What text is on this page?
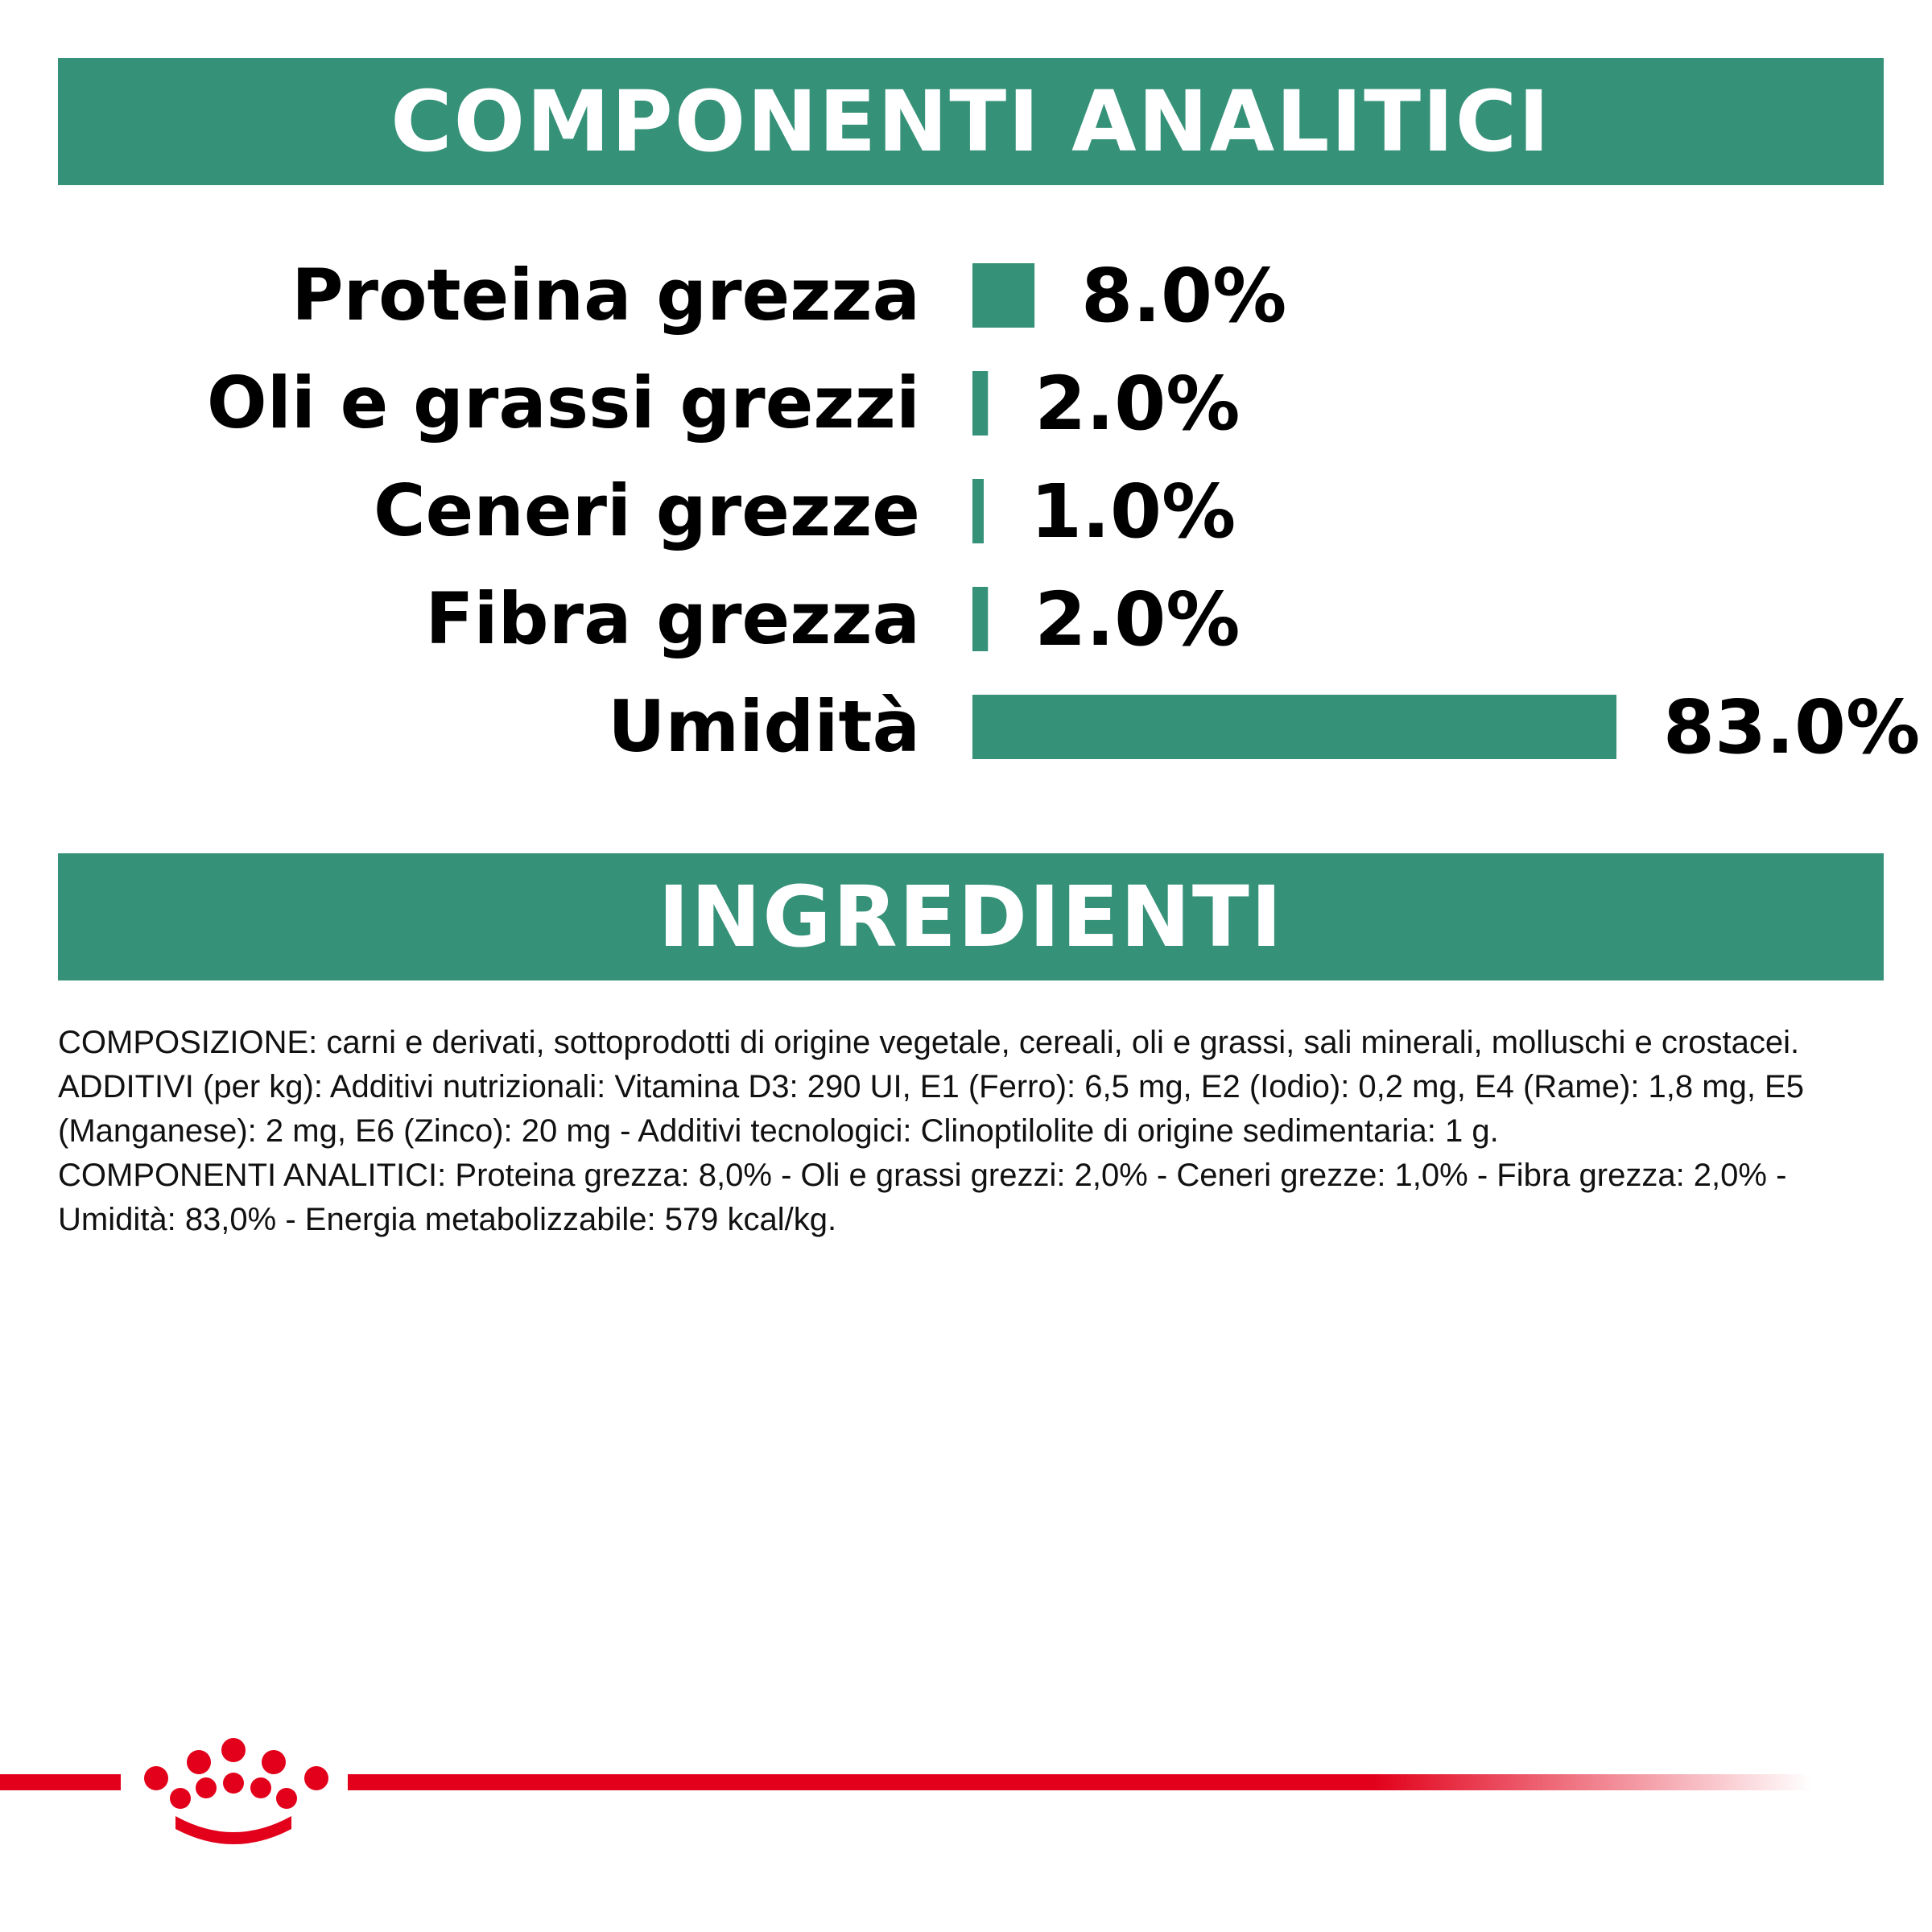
COMPONENTI ANALITICI
Proteina grezza 8.0%
Oli e grassi grezzi 2.0%
Ceneri grezze 1.0%
Fibra grezza 2.0%
Umidità	83.0%
INGREDIENTI

COMPOSIZIONE: carni e derivati, sottoprodotti di origine vegetale, cereali, oli e grassi, sali minerali, molluschi e crostacei.

ADDITIVI (per kg): Additivi nutrizionali: Vitamina D3: 290 UI, E1 (Ferro): 6,5 mg, E2 (Iodio): 0,2 mg, E4 (Rame): 1,8 mg, E5 (Manganese): 2 mg, E6 (Zinco): 20 mg - Additivi tecnologici: Clinoptilolite di origine sedimentaria: 1 g.

COMPONENTI ANALITICI: Proteina grezza: 8,0% - Oli e grassi grezzi: 2,0% - Ceneri grezze: 1,0% - Fibra grezza: 2,0% - Umidità: 83,0% - Energia metabolizzabile: 579 kcal/kg.
